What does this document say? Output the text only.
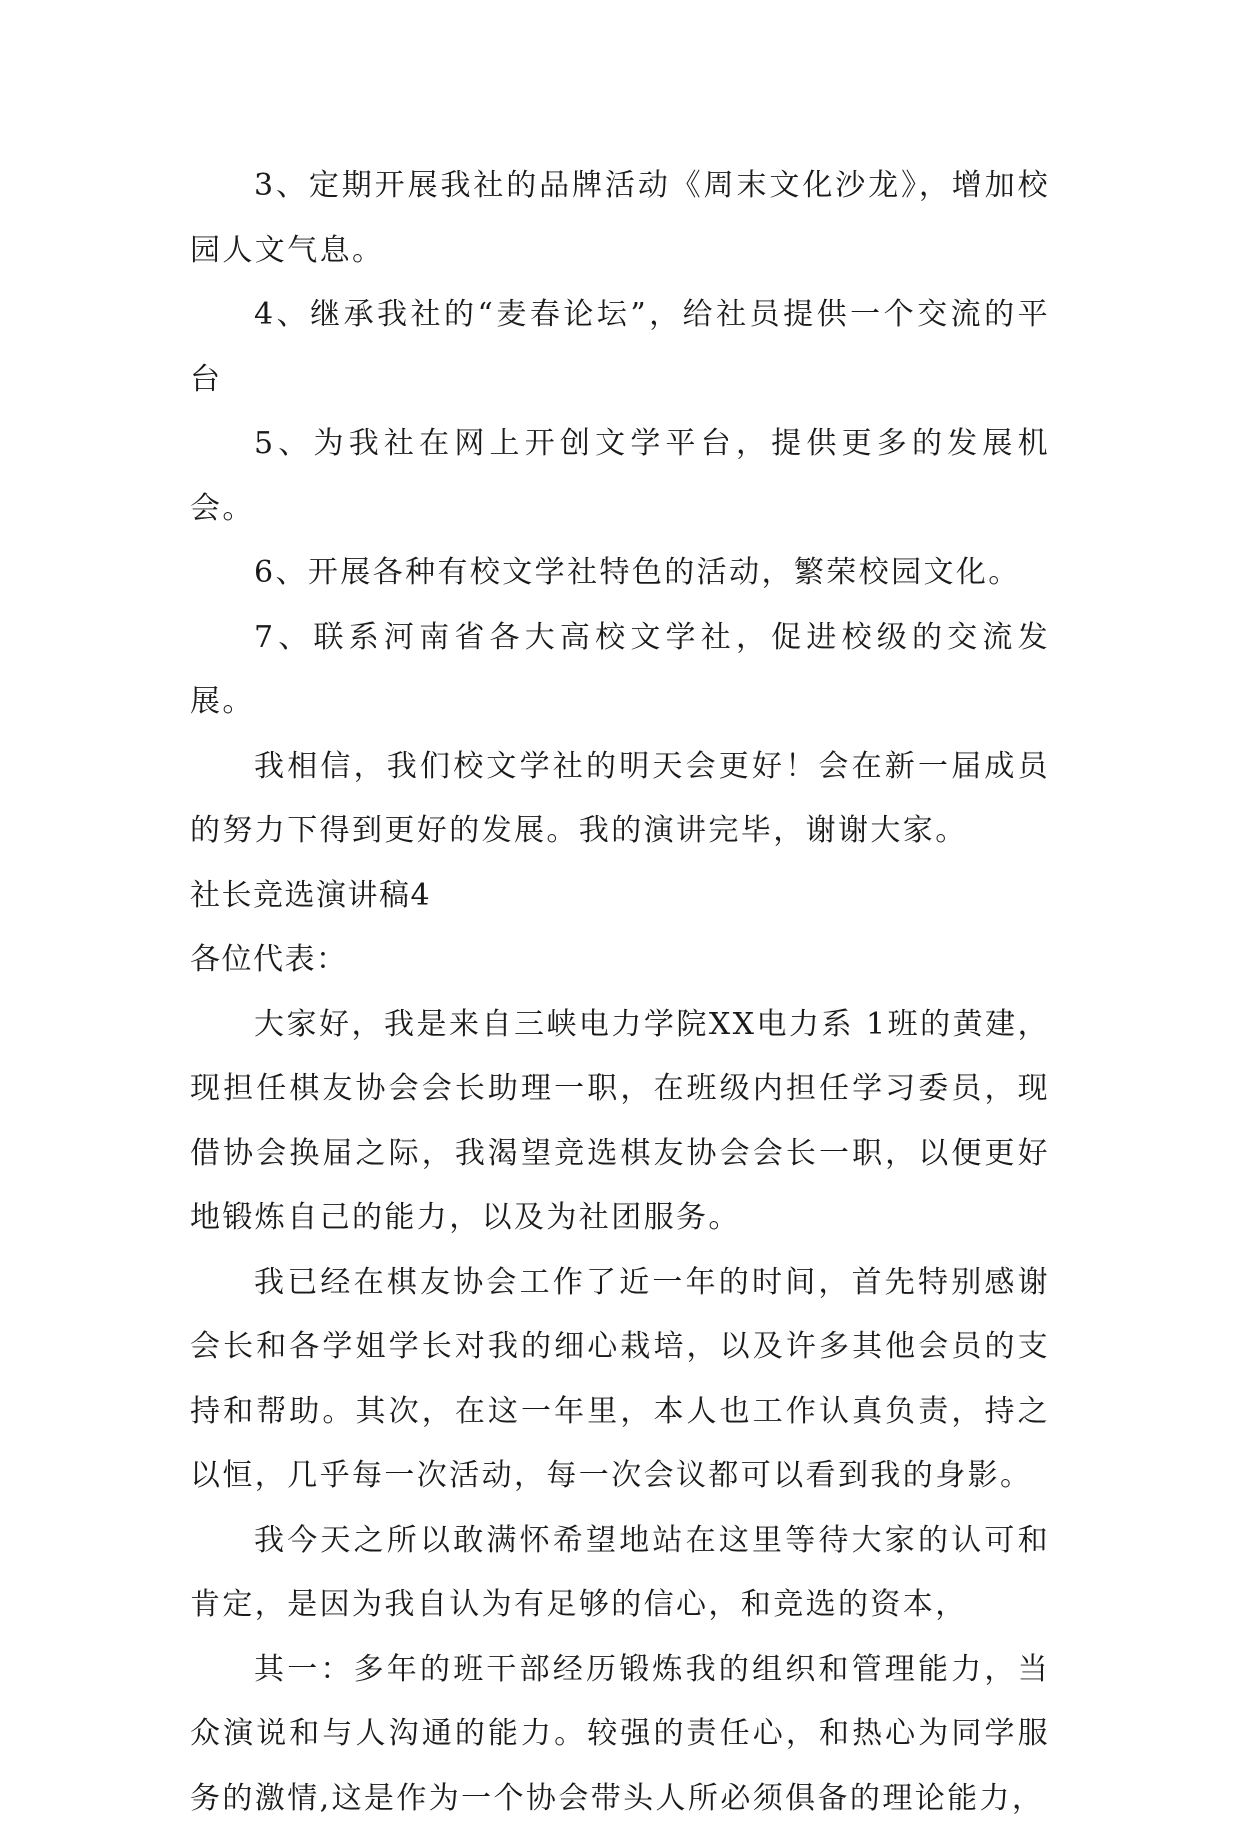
3、定期开展我社的品牌活动《周末文化沙龙》，增加校园人文气息。

4、继承我社的“麦春论坛”，给社员提供一个交流的平台

5、为我社在网上开创文学平台，提供更多的发展机会。

6、开展各种有校文学社特色的活动，繁荣校园文化。

7、联系河南省各大高校文学社，促进校级的交流发展。

我相信，我们校文学社的明天会更好！会在新一届成员的努力下得到更好的发展。我的演讲完毕，谢谢大家。

社长竞选演讲稿4

各位代表：

大家好，我是来自三峡电力学院XX电力系 1班的黄建，现担任棋友协会会长助理一职，在班级内担任学习委员，现借协会换届之际，我渴望竞选棋友协会会长一职，以便更好地锻炼自己的能力，以及为社团服务。

我已经在棋友协会工作了近一年的时间，首先特别感谢会长和各学姐学长对我的细心栽培，以及许多其他会员的支持和帮助。其次，在这一年里，本人也工作认真负责，持之以恒，几乎每一次活动，每一次会议都可以看到我的身影。

我今天之所以敢满怀希望地站在这里等待大家的认可和肯定，是因为我自认为有足够的信心，和竞选的资本，

其一：多年的班干部经历锻炼我的组织和管理能力，当众演说和与人沟通的能力。较强的责任心，和热心为同学服务的激情,这是作为一个协会带头人所必须俱备的理论能力，
